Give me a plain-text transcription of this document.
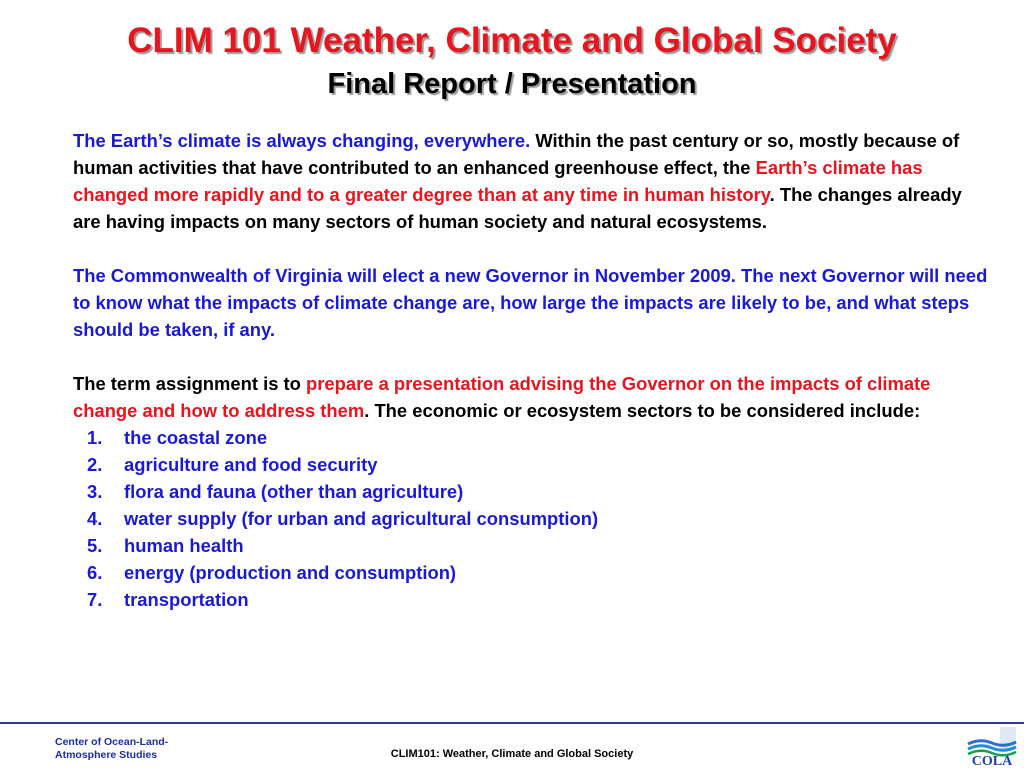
CLIM 101 Weather, Climate and Global Society
Final Report / Presentation

The Earth’s climate is always changing, everywhere. Within the past century or so, mostly because of human activities that have contributed to an enhanced greenhouse effect, the Earth’s climate has changed more rapidly and to a greater degree than at any time in human history. The changes already are having impacts on many sectors of human society and natural ecosystems.

The Commonwealth of Virginia will elect a new Governor in November 2009. The next Governor will need to know what the impacts of climate change are, how large the impacts are likely to be, and what steps should be taken, if any.

The term assignment is to prepare a presentation advising the Governor on the impacts of climate change and how to address them. The economic or ecosystem sectors to be considered include:

1. the coastal zone
2. agriculture and food security
3. flora and fauna (other than agriculture)
4. water supply (for urban and agricultural consumption)
5. human health
6. energy (production and consumption)
7. transportation
Center of Ocean-Land-
Atmosphere Studies	CLIM101: Weather, Climate and Global Society	COLA
